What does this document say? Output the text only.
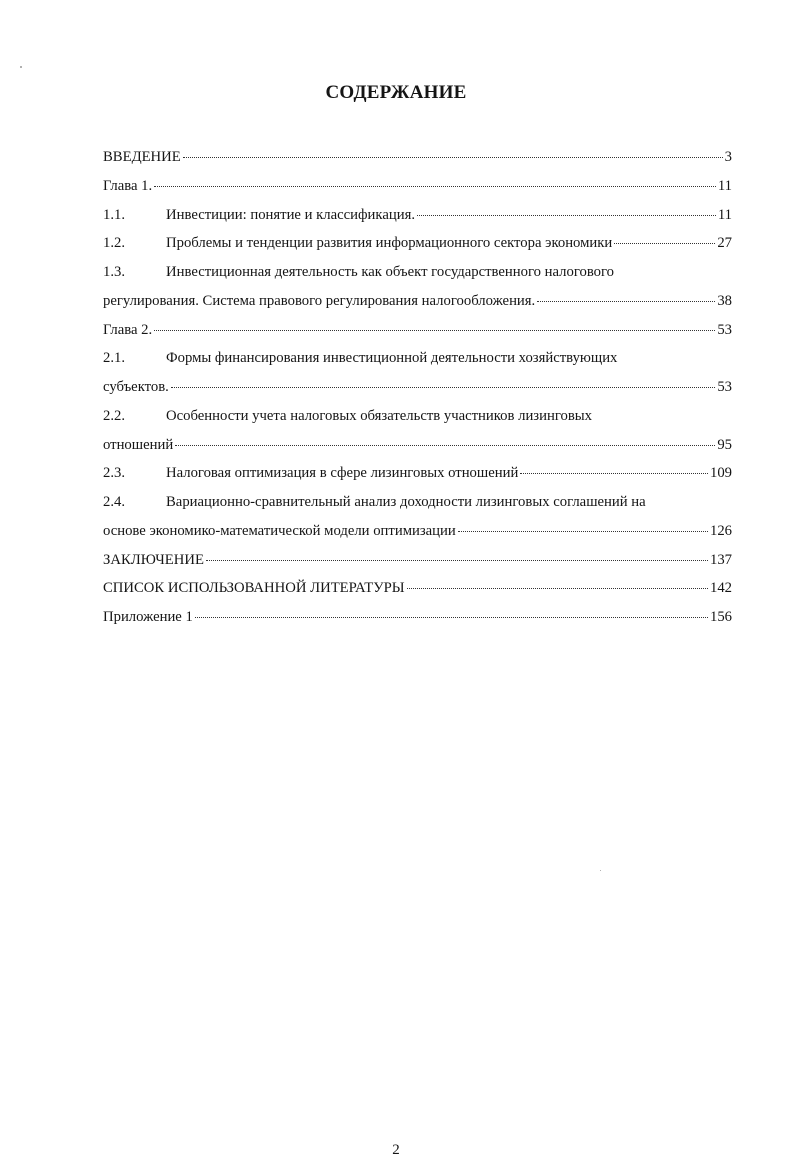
СОДЕРЖАНИЕ
ВВЕДЕНИЕ	3
Глава 1.	11
1.1.	Инвестиции: понятие и классификация.	11
1.2.	Проблемы и тенденции развития информационного сектора экономики	27
1.3.	Инвестиционная деятельность как объект государственного налогового
регулирования. Система правового регулирования налогообложения.	38
Глава 2.	53
2.1.	Формы финансирования инвестиционной деятельности хозяйствующих
субъектов.	53
2.2.	Особенности учета налоговых обязательств участников лизинговых
отношений	95
2.3.	Налоговая оптимизация в сфере лизинговых отношений	109
2.4.	Вариационно-сравнительный анализ доходности лизинговых соглашений на
основе экономико-математической модели оптимизации	126
ЗАКЛЮЧЕНИЕ	137
СПИСОК ИСПОЛЬЗОВАННОЙ ЛИТЕРАТУРЫ	142
Приложение 1	156
2
